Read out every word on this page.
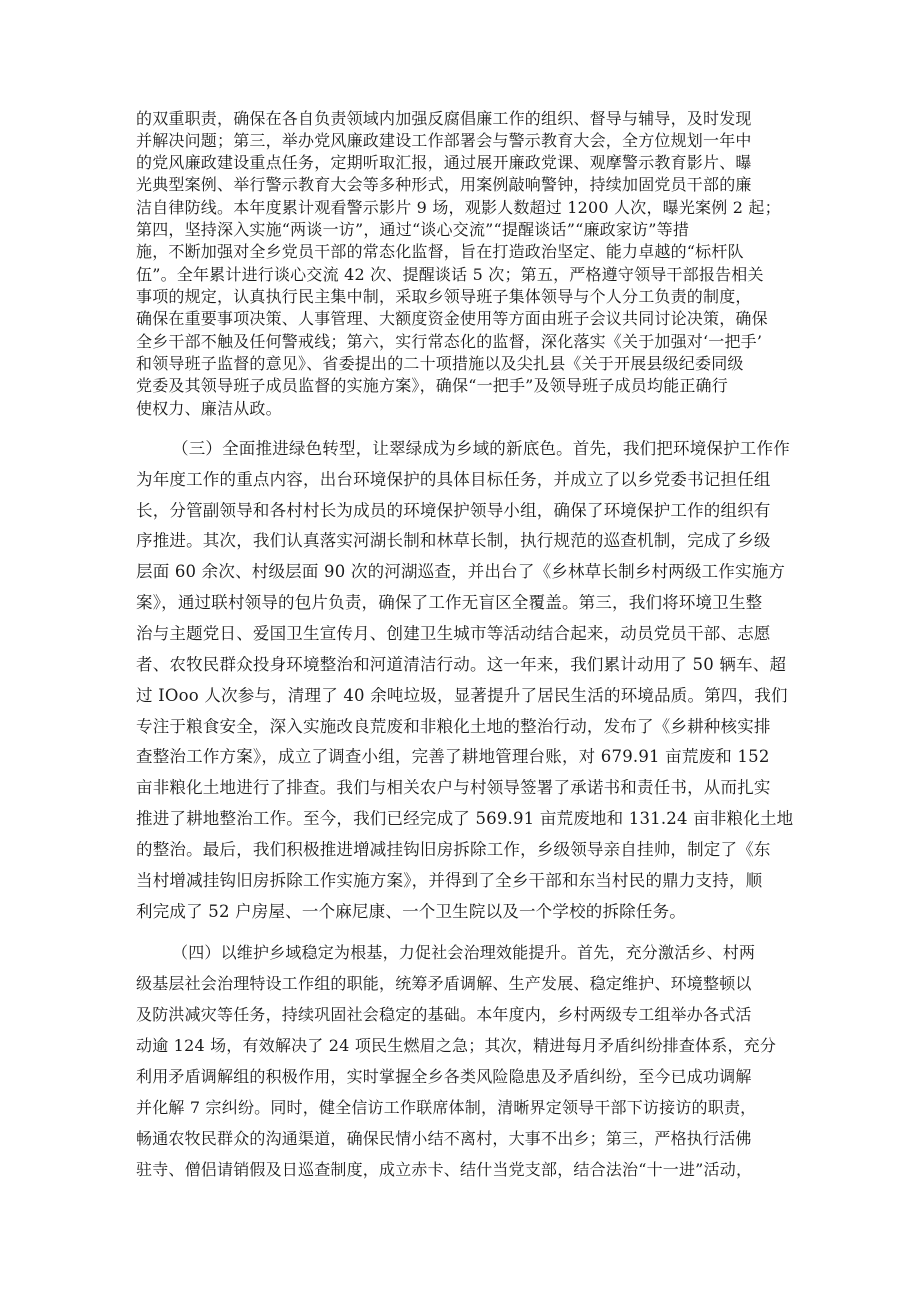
的双重职责，确保在各自负责领域内加强反腐倡廉工作的组织、督导与辅导，及时发现
并解决问题；第三，举办党风廉政建设工作部署会与警示教育大会，全方位规划一年中
的党风廉政建设重点任务，定期听取汇报，通过展开廉政党课、观摩警示教育影片、曝
光典型案例、举行警示教育大会等多种形式，用案例敲响警钟，持续加固党员干部的廉
洁自律防线。本年度累计观看警示影片 9 场，观影人数超过 1200 人次，曝光案例 2 起；
第四，坚持深入实施“两谈一访”，通过“谈心交流”“提醒谈话”“廉政家访”等措
施，不断加强对全乡党员干部的常态化监督，旨在打造政治坚定、能力卓越的“标杆队
伍”。全年累计进行谈心交流 42 次、提醒谈话 5 次；第五，严格遵守领导干部报告相关
事项的规定，认真执行民主集中制，采取乡领导班子集体领导与个人分工负责的制度，
确保在重要事项决策、人事管理、大额度资金使用等方面由班子会议共同讨论决策，确保
全乡干部不触及任何警戒线；第六，实行常态化的监督，深化落实《关于加强对‘一把手’
和领导班子监督的意见》、省委提出的二十项措施以及尖扎县《关于开展县级纪委同级
党委及其领导班子成员监督的实施方案》，确保“一把手”及领导班子成员均能正确行
使权力、廉洁从政。
（三）全面推进绿色转型，让翠绿成为乡域的新底色。首先，我们把环境保护工作作
为年度工作的重点内容，出台环境保护的具体目标任务，并成立了以乡党委书记担任组
长，分管副领导和各村村长为成员的环境保护领导小组，确保了环境保护工作的组织有
序推进。其次，我们认真落实河湖长制和林草长制，执行规范的巡查机制，完成了乡级
层面 60 余次、村级层面 90 次的河湖巡查，并出台了《乡林草长制乡村两级工作实施方
案》，通过联村领导的包片负责，确保了工作无盲区全覆盖。第三，我们将环境卫生整
治与主题党日、爱国卫生宣传月、创建卫生城市等活动结合起来，动员党员干部、志愿
者、农牧民群众投身环境整治和河道清洁行动。这一年来，我们累计动用了 50 辆车、超
过 IOoo 人次参与，清理了 40 余吨垃圾，显著提升了居民生活的环境品质。第四，我们
专注于粮食安全，深入实施改良荒废和非粮化土地的整治行动，发布了《乡耕种核实排
查整治工作方案》，成立了调查小组，完善了耕地管理台账，对 679.91 亩荒废和 152
亩非粮化土地进行了排查。我们与相关农户与村领导签署了承诺书和责任书，从而扎实
推进了耕地整治工作。至今，我们已经完成了 569.91 亩荒废地和 131.24 亩非粮化土地
的整治。最后，我们积极推进增减挂钩旧房拆除工作，乡级领导亲自挂帅，制定了《东
当村增减挂钩旧房拆除工作实施方案》，并得到了全乡干部和东当村民的鼎力支持，顺
利完成了 52 户房屋、一个麻尼康、一个卫生院以及一个学校的拆除任务。
（四）以维护乡域稳定为根基，力促社会治理效能提升。首先，充分激活乡、村两
级基层社会治理特设工作组的职能，统筹矛盾调解、生产发展、稳定维护、环境整顿以
及防洪减灾等任务，持续巩固社会稳定的基础。本年度内，乡村两级专工组举办各式活
动逾 124 场，有效解决了 24 项民生燃眉之急；其次，精进每月矛盾纠纷排查体系，充分
利用矛盾调解组的积极作用，实时掌握全乡各类风险隐患及矛盾纠纷，至今已成功调解
并化解 7 宗纠纷。同时，健全信访工作联席体制，清晰界定领导干部下访接访的职责，
畅通农牧民群众的沟通渠道，确保民情小结不离村，大事不出乡；第三，严格执行活佛
驻寺、僧侣请销假及日巡查制度，成立赤卡、结什当党支部，结合法治“十一进”活动，
